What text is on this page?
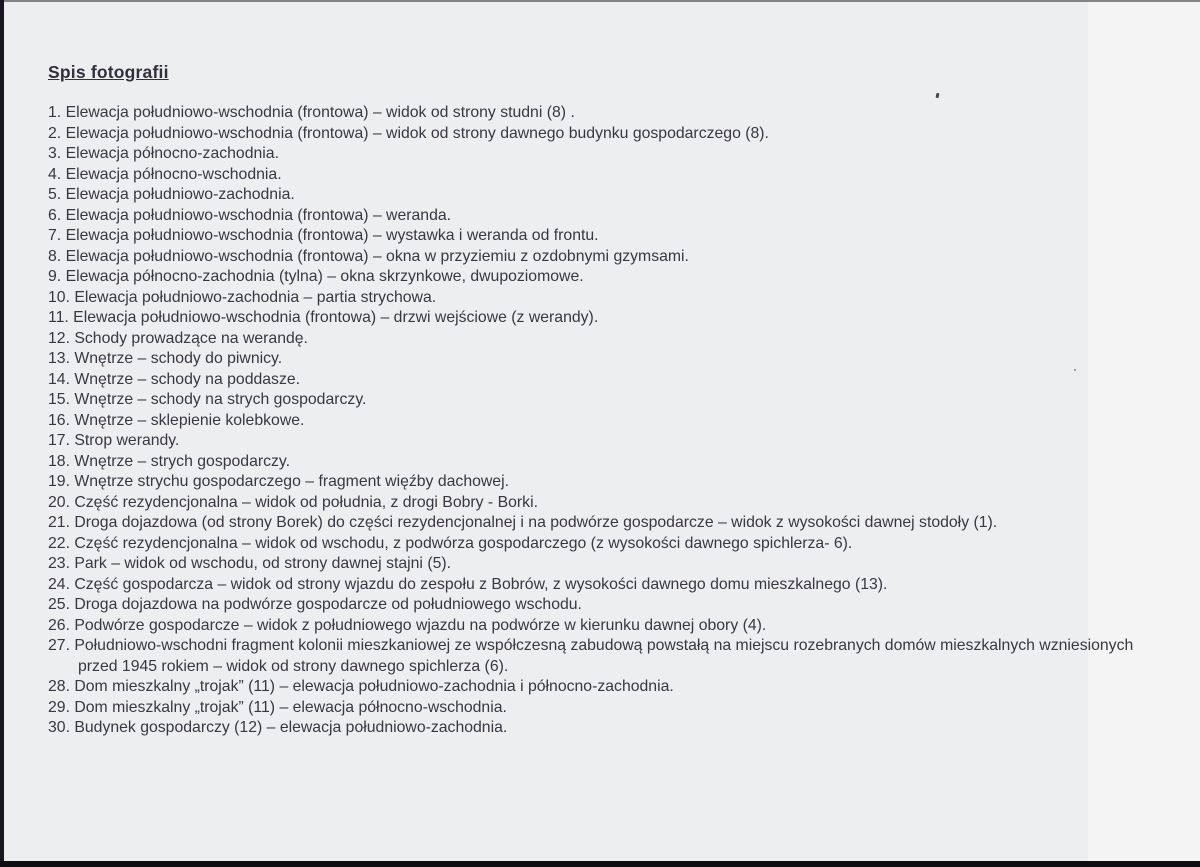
Spis fotografii
1. Elewacja południowo-wschodnia (frontowa) – widok od strony studni (8) .
2. Elewacja południowo-wschodnia (frontowa) – widok od strony dawnego budynku gospodarczego (8).
3. Elewacja północno-zachodnia.
4. Elewacja północno-wschodnia.
5. Elewacja południowo-zachodnia.
6. Elewacja południowo-wschodnia (frontowa) – weranda.
7. Elewacja południowo-wschodnia (frontowa) – wystawka i weranda od frontu.
8. Elewacja południowo-wschodnia (frontowa) – okna w przyziemiu z ozdobnymi gzymsami.
9. Elewacja północno-zachodnia (tylna) – okna skrzynkowe, dwupoziomowe.
10. Elewacja południowo-zachodnia – partia strychowa.
11. Elewacja południowo-wschodnia (frontowa) – drzwi wejściowe (z werandy).
12. Schody prowadzące na werandę.
13. Wnętrze – schody do piwnicy.
14. Wnętrze – schody na poddasze.
15. Wnętrze – schody na strych gospodarczy.
16. Wnętrze – sklepienie kolebkowe.
17. Strop werandy.
18. Wnętrze – strych gospodarczy.
19. Wnętrze strychu gospodarczego – fragment więźby dachowej.
20. Część rezydencjonalna – widok od południa, z drogi Bobry - Borki.
21. Droga dojazdowa (od strony Borek) do części rezydencjonalnej i na podwórze gospodarcze – widok z wysokości dawnej stodoły (1).
22. Część rezydencjonalna – widok od wschodu, z podwórza gospodarczego (z wysokości dawnego spichlerza- 6).
23. Park – widok od wschodu, od strony dawnej stajni (5).
24. Część gospodarcza – widok od strony wjazdu do zespołu z Bobrów, z wysokości dawnego domu mieszkalnego (13).
25. Droga dojazdowa na podwórze gospodarcze od południowego wschodu.
26. Podwórze gospodarcze – widok z południowego wjazdu na podwórze w kierunku dawnej obory (4).
27. Południowo-wschodni fragment kolonii mieszkaniowej ze współczesną zabudową powstałą na miejscu rozebranych domów mieszkalnych wzniesionych przed 1945 rokiem – widok od strony dawnego spichlerza (6).
28. Dom mieszkalny „trojak” (11) – elewacja południowo-zachodnia i północno-zachodnia.
29. Dom mieszkalny „trojak” (11) – elewacja północno-wschodnia.
30. Budynek gospodarczy (12) – elewacja południowo-zachodnia.
